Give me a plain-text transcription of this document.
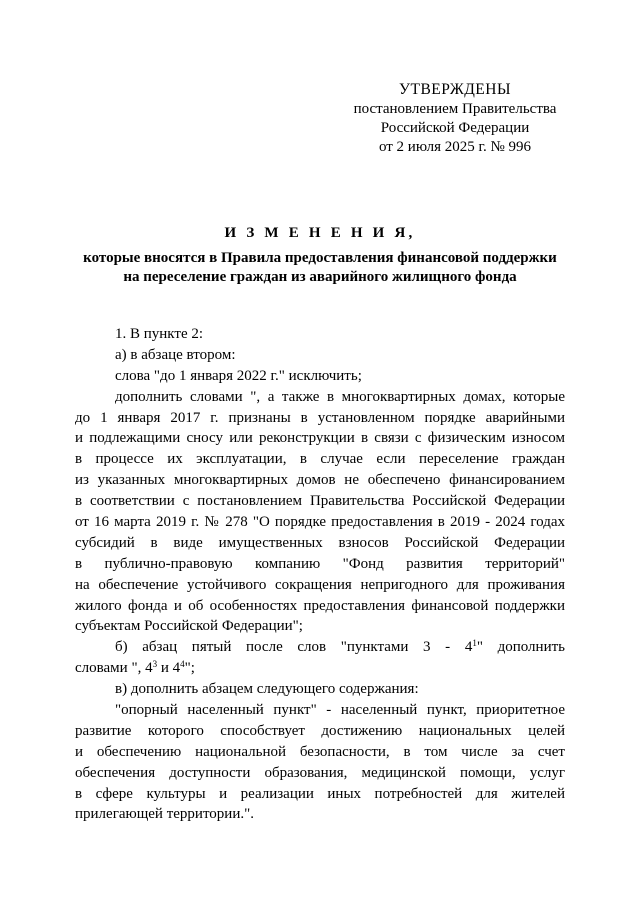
УТВЕРЖДЕНЫ
постановлением Правительства
Российской Федерации
от 2 июля 2025 г. № 996
И З М Е Н Е Н И Я,
которые вносятся в Правила предоставления финансовой поддержки
на переселение граждан из аварийного жилищного фонда
1. В пункте 2:
а) в абзаце втором:
слова "до 1 января 2022 г." исключить;
дополнить словами ", а также в многоквартирных домах, которые
до 1 января 2017 г. признаны в установленном порядке аварийными
и подлежащими сносу или реконструкции в связи с физическим износом
в процессе их эксплуатации, в случае если переселение граждан
из указанных многоквартирных домов не обеспечено финансированием
в соответствии с постановлением Правительства Российской Федерации
от 16 марта 2019 г. № 278 "О порядке предоставления в 2019 - 2024 годах
субсидий в виде имущественных взносов Российской Федерации
в публично-правовую компанию "Фонд развития территорий"
на обеспечение устойчивого сокращения непригодного для проживания
жилого фонда и об особенностях предоставления финансовой поддержки
субъектам Российской Федерации";
б) абзац пятый после слов "пунктами $3 - 4^1$" дополнить
словами ", $4^3$ и $4^4$";
в) дополнить абзацем следующего содержания:
"опорный населенный пункт" - населенный пункт, приоритетное
развитие которого способствует достижению национальных целей
и обеспечению национальной безопасности, в том числе за счет
обеспечения доступности образования, медицинской помощи, услуг
в сфере культуры и реализации иных потребностей для жителей
прилегающей территории.".
